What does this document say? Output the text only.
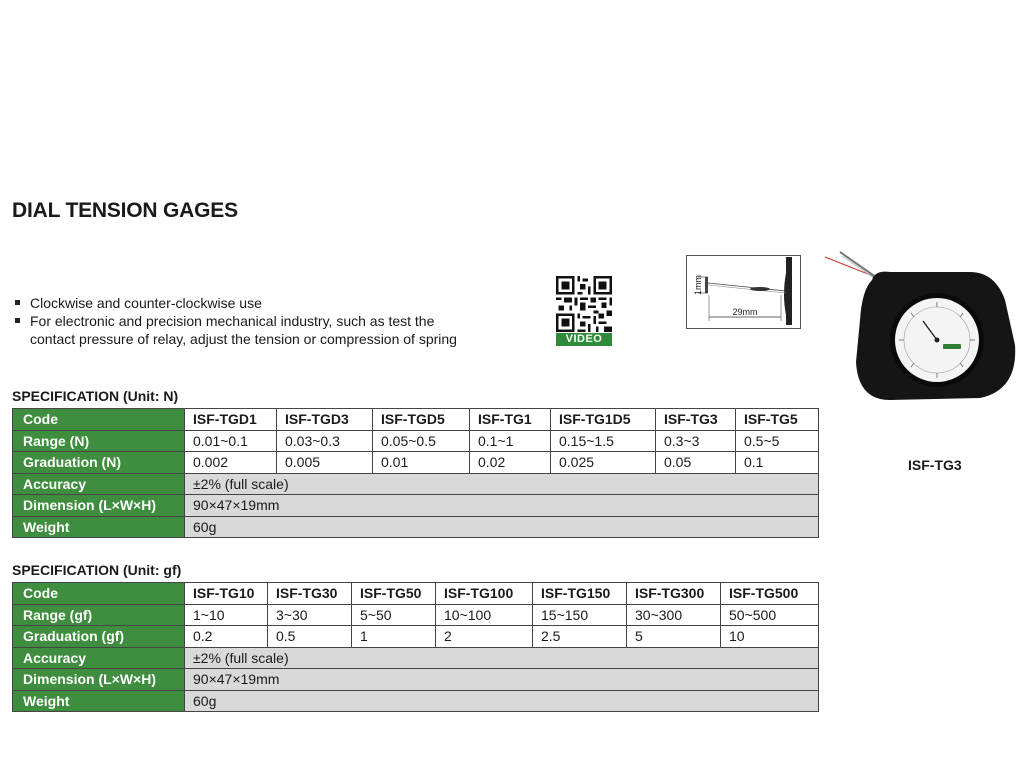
DIAL TENSION GAGES
Clockwise and counter-clockwise use
For electronic and precision mechanical industry, such as test the
contact pressure of relay, adjust the tension or compression of spring	VIDEO
1mm
29mm
ISF-TG3
SPECIFICATION (Unit: N)
Code	ISF-TGD1	ISF-TGD3	ISF-TGD5	ISF-TG1	ISF-TG1D5	ISF-TG3	ISF-TG5
Range (N)	0.01~0.1	0.03~0.3	0.05~0.5	0.1~1	0.15~1.5	0.3~3	0.5~5
Graduation (N)	0.002	0.005	0.01	0.02	0.025	0.05	0.1
Accuracy	±2% (full scale)						
Dimension (L×W×H)	90×47×19mm						
Weight	60g						
SPECIFICATION (Unit: gf)
Code	ISF-TG10	ISF-TG30	ISF-TG50	ISF-TG100	ISF-TG150	ISF-TG300	ISF-TG500
Range (gf)	1~10	3~30	5~50	10~100	15~150	30~300	50~500
Graduation (gf)	0.2	0.5	1	2	2.5	5	10
Accuracy	±2% (full scale)						
Dimension (L×W×H)	90×47×19mm						
Weight	60g						
